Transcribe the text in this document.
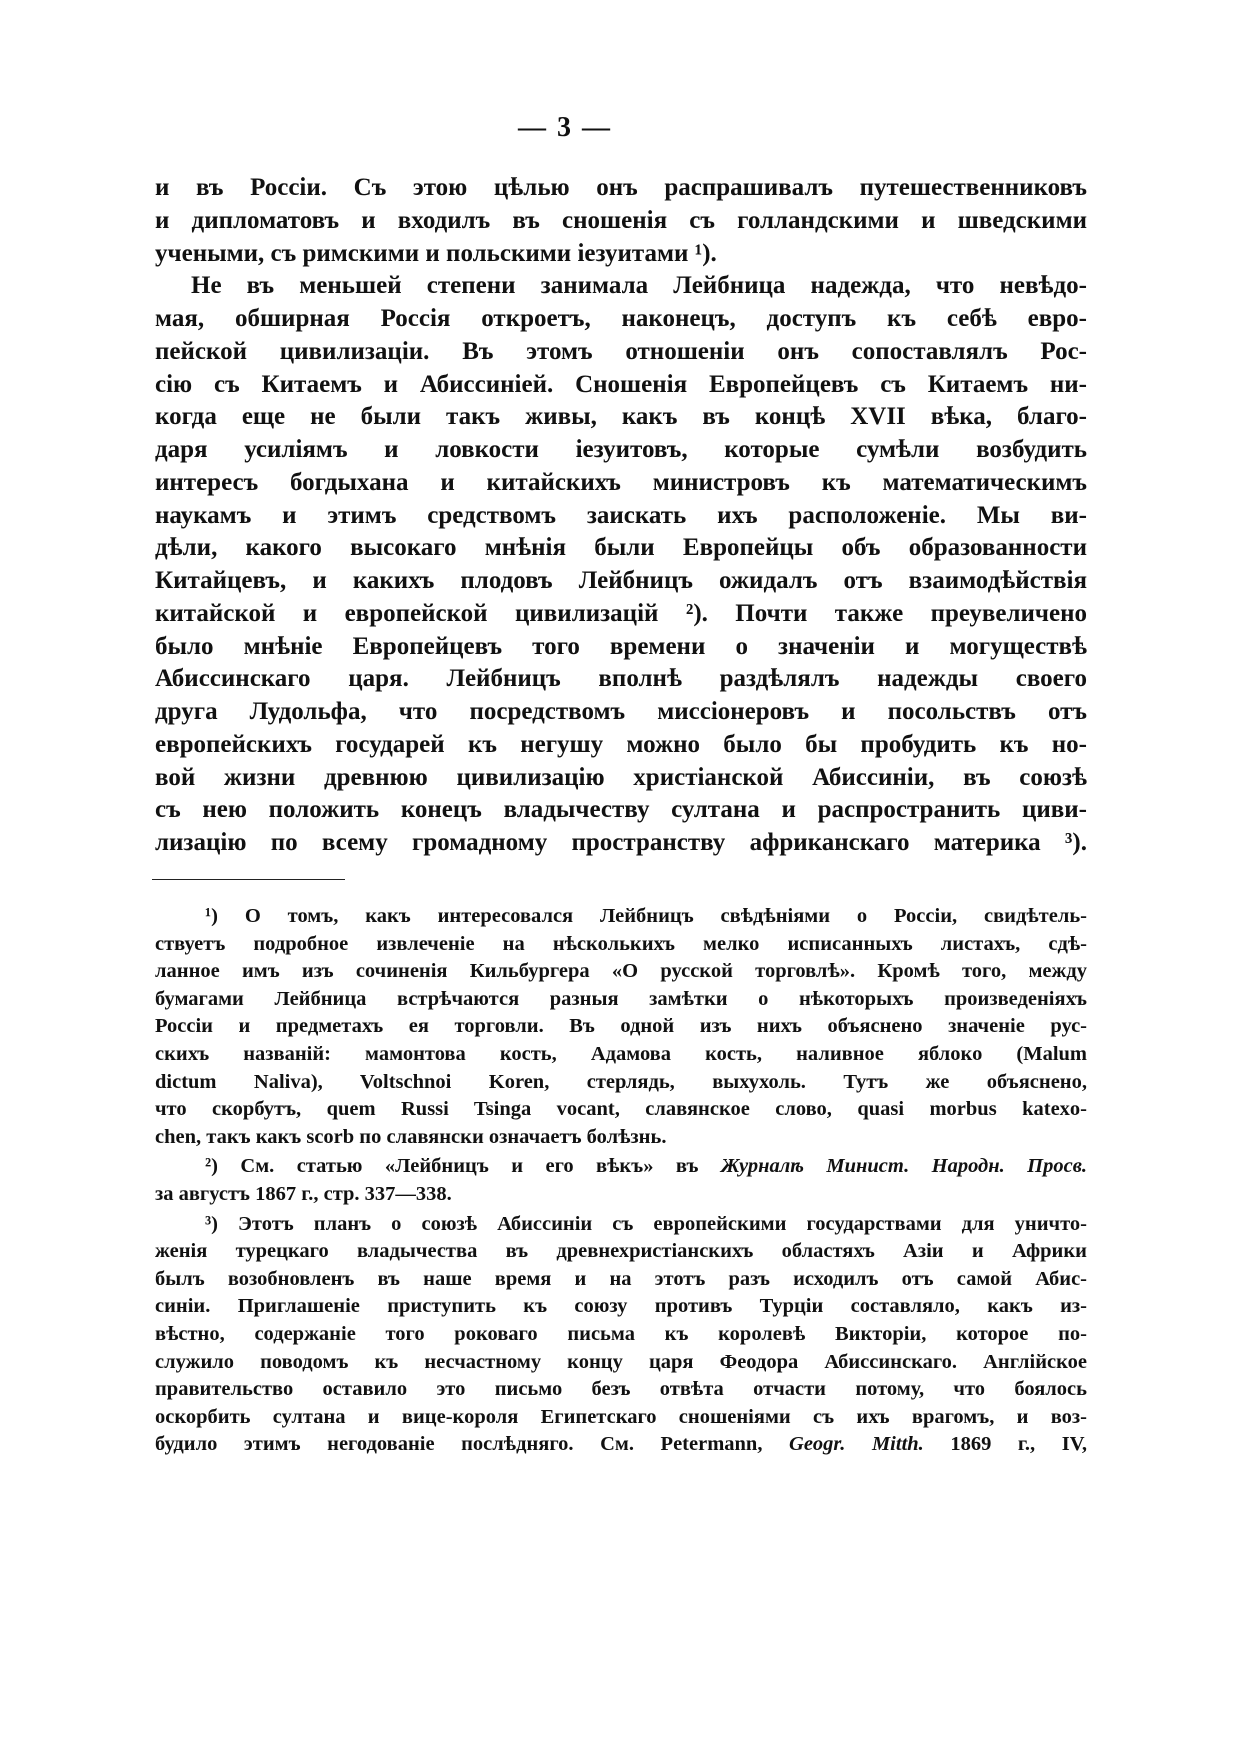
— 3 —
и въ Россіи. Съ этою цѣлью онъ распрашивалъ путешественниковъ
и дипломатовъ и входилъ въ сношенія съ голландскими и шведскими
учеными, съ римскими и польскими іезуитами ¹).
Не въ меньшей степени занимала Лейбница надежда, что невѣдо-
мая, обширная Россія откроетъ, наконецъ, доступъ къ себѣ евро-
пейской цивилизаціи. Въ этомъ отношеніи онъ сопоставлялъ Рос-
сію съ Китаемъ и Абиссиніей. Сношенія Европейцевъ съ Китаемъ ни-
когда еще не были такъ живы, какъ въ концѣ XVII вѣка, благо-
даря усиліямъ и ловкости іезуитовъ, которые сумѣли возбудить
интересъ богдыхана и китайскихъ министровъ къ математическимъ
наукамъ и этимъ средствомъ заискать ихъ расположеніе. Мы ви-
дѣли, какого высокаго мнѣнія были Европейцы объ образованности
Китайцевъ, и какихъ плодовъ Лейбницъ ожидалъ отъ взаимодѣйствія
китайской и европейской цивилизацій ²). Почти также преувеличено
было мнѣніе Европейцевъ того времени о значеніи и могуществѣ
Абиссинскаго царя. Лейбницъ вполнѣ раздѣлялъ надежды своего
друга Лудольфа, что посредствомъ миссіонеровъ и посольствъ отъ
европейскихъ государей къ негушу можно было бы пробудить къ но-
вой жизни древнюю цивилизацію христіанской Абиссиніи, въ союзѣ
съ нею положить конецъ владычеству султана и распространить циви-
лизацію по всему громадному пространству африканскаго материка ³).
¹) О томъ, какъ интересовался Лейбницъ свѣдѣніями о Россіи, свидѣтель-
ствуетъ подробное извлеченіе на нѣсколькихъ мелко исписанныхъ листахъ, сдѣ-
ланное имъ изъ сочиненія Кильбургера «О русской торговлѣ». Кромѣ того, между
бумагами Лейбница встрѣчаются разныя замѣтки о нѣкоторыхъ произведеніяхъ
Россіи и предметахъ ея торговли. Въ одной изъ нихъ объяснено значеніе рус-
скихъ названій: мамонтова кость, Адамова кость, наливное яблоко (Malum
dictum Naliva), Voltschnoi Koren, стерлядь, выхухоль. Тутъ же объяснено,
что скорбутъ, quem Russi Tsinga vocant, славянское слово, quasi morbus katexo-
chen, такъ какъ scorb по славянски означаетъ болѣзнь.
²) См. статью «Лейбницъ и его вѣкъ» въ Журналѣ Минист. Народн. Просв.
за августъ 1867 г., стр. 337—338.
³) Этотъ планъ о союзѣ Абиссиніи съ европейскими государствами для уничто-
женія турецкаго владычества въ древнехристіанскихъ областяхъ Азіи и Африки
былъ возобновленъ въ наше время и на этотъ разъ исходилъ отъ самой Абис-
синіи. Приглашеніе приступить къ союзу противъ Турціи составляло, какъ из-
вѣстно, содержаніе того роковаго письма къ королевѣ Викторіи, которое по-
служило поводомъ къ несчастному концу царя Феодора Абиссинскаго. Англійское
правительство оставило это письмо безъ отвѣта отчасти потому, что боялось
оскорбить султана и вице-короля Египетскаго сношеніями съ ихъ врагомъ, и воз-
будило этимъ негодованіе послѣдняго. См. Petermann, Geogr. Mitth. 1869 г., IV,
